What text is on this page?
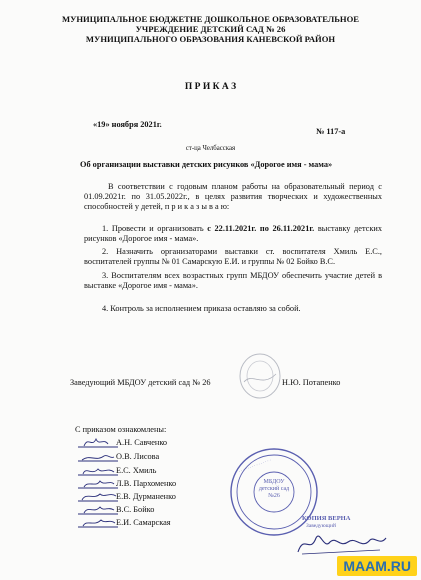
МУНИЦИПАЛЬНОЕ БЮДЖЕТНЕ ДОШКОЛЬНОЕ ОБРАЗОВАТЕЛЬНОЕ
УЧРЕЖДЕНИЕ ДЕТСКИЙ САД № 26
МУНИЦИПАЛЬНОГО ОБРАЗОВАНИЯ КАНЕВСКОЙ РАЙОН
П Р И К А З
«19» ноября 2021г.
№ 117-а
ст-ца Челбасская
Об организации выставки детских рисунков «Дорогое имя - мама»
В соответствии с годовым планом работы на образовательный период с 01.09.2021г. по 31.05.2022г., в целях развития творческих и художественных способностей у детей, п р и к а з ы в а ю:
1. Провести и организовать с 22.11.2021г. по 26.11.2021г. выставку детских рисунков «Дорогое имя - мама».
2. Назначить организаторами выставки ст. воспитателя Хмиль Е.С., воспитателей группы № 01 Самарскую Е.И. и группы № 02 Бойко В.С.
3. Воспитателям всех возрастных групп МБДОУ обеспечить участие детей в выставке «Дорогое имя - мама».
4. Контроль за исполнением приказа оставляю за собой.
Заведующий МБДОУ детский сад № 26	Н.Ю. Потапенко
С приказом ознакомлены:
А.Н. Савченко
О.В. Лисова
Е.С. Хмиль
Л.В. Пархоменко
Е.В. Дурманенко
В.С. Бойко
Е.И. Самарская
· · · · · · · · · · · · · · ·
МБДОУ
детский сад
№26
КОПИЯ ВЕРНА
Заведующий
MAAM.RU
